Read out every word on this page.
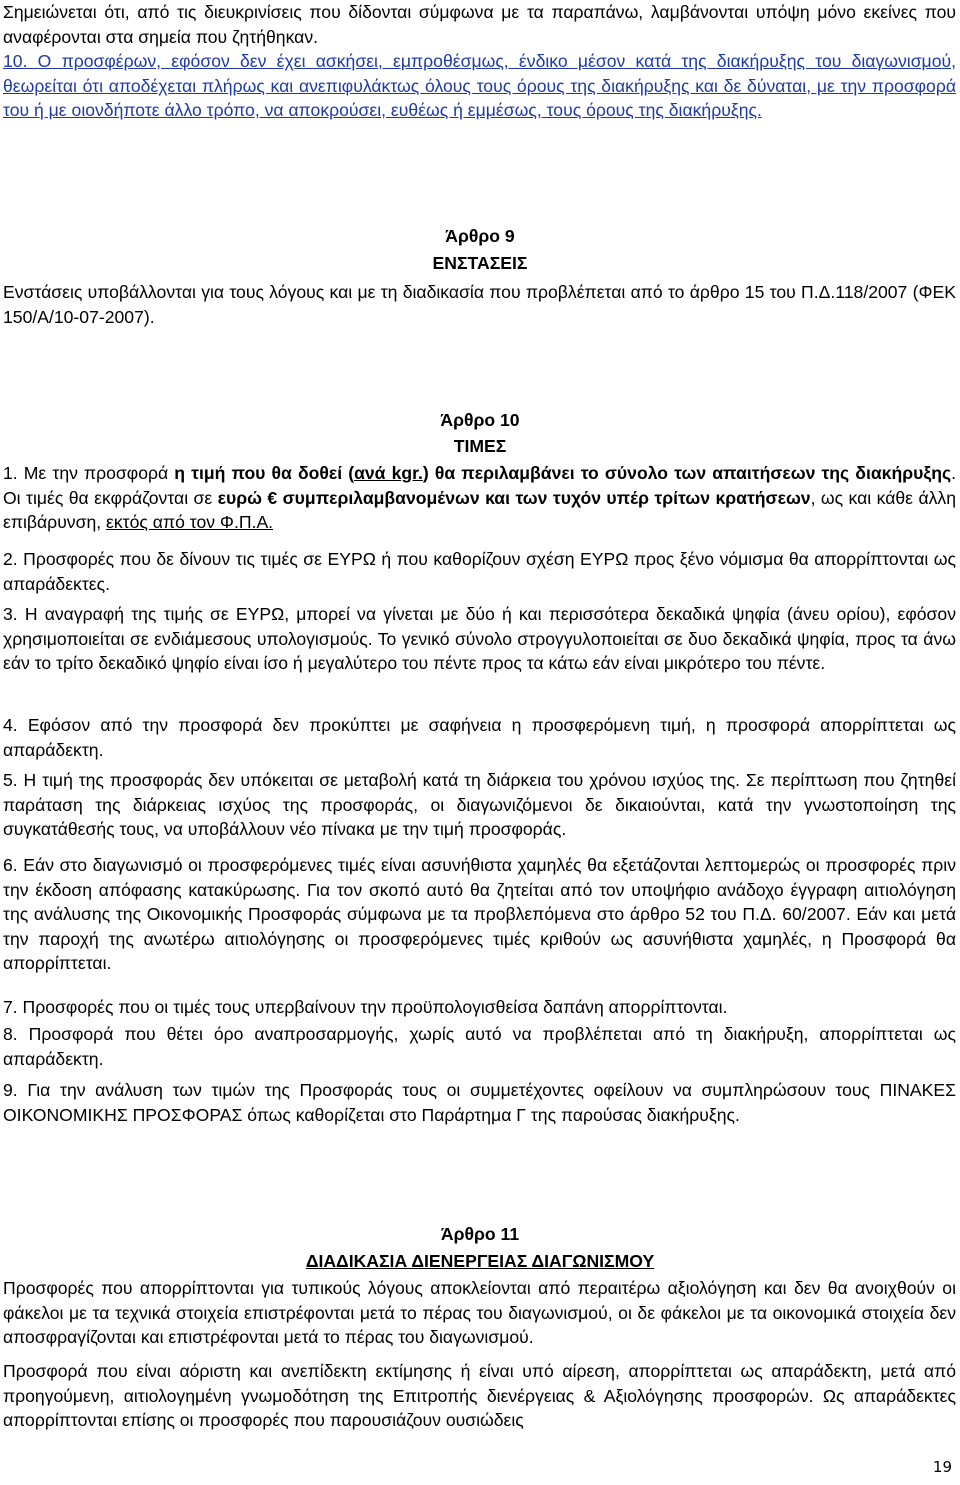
Σημειώνεται ότι, από τις διευκρινίσεις που δίδονται σύμφωνα με τα παραπάνω, λαμβάνονται υπόψη μόνο εκείνες που αναφέρονται στα σημεία που ζητήθηκαν.

10. Ο προσφέρων, εφόσον δεν έχει ασκήσει, εμπροθέσμως, ένδικο μέσον κατά της διακήρυξης του διαγωνισμού, θεωρείται ότι αποδέχεται πλήρως και ανεπιφυλάκτως όλους τους όρους της διακήρυξης και δε δύναται, με την προσφορά του ή με οιονδήποτε άλλο τρόπο, να αποκρούσει, ευθέως ή εμμέσως, τους όρους της διακήρυξης.

Άρθρο 9

ΕΝΣΤΑΣΕΙΣ

Ενστάσεις υποβάλλονται για τους λόγους και με τη διαδικασία που προβλέπεται από το άρθρο 15 του Π.Δ.118/2007 (ΦΕΚ 150/Α/10-07-2007).

Άρθρο 10

ΤΙΜΕΣ

1. Με την προσφορά η τιμή που θα δοθεί (ανά kgr.) θα περιλαμβάνει το σύνολο των απαιτήσεων της διακήρυξης. Οι τιμές θα εκφράζονται σε ευρώ € συμπεριλαμβανομένων και των τυχόν υπέρ τρίτων κρατήσεων, ως και κάθε άλλη επιβάρυνση, εκτός από τον Φ.Π.Α.

2. Προσφορές που δε δίνουν τις τιμές σε ΕΥΡΩ ή που καθορίζουν σχέση ΕΥΡΩ προς ξένο νόμισμα θα απορρίπτονται ως απαράδεκτες.

3. Η αναγραφή της τιμής σε ΕΥΡΩ, μπορεί να γίνεται με δύο ή και περισσότερα δεκαδικά ψηφία (άνευ ορίου), εφόσον χρησιμοποιείται σε ενδιάμεσους υπολογισμούς. Το γενικό σύνολο στρογγυλοποιείται σε δυο δεκαδικά ψηφία, προς τα άνω εάν το τρίτο δεκαδικό ψηφίο είναι ίσο ή μεγαλύτερο του πέντε προς τα κάτω εάν είναι μικρότερο του πέντε.

4. Εφόσον από την προσφορά δεν προκύπτει με σαφήνεια η προσφερόμενη τιμή, η προσφορά απορρίπτεται ως απαράδεκτη.

5. Η τιμή της προσφοράς δεν υπόκειται σε μεταβολή κατά τη διάρκεια του χρόνου ισχύος της. Σε περίπτωση που ζητηθεί παράταση της διάρκειας ισχύος της προσφοράς, οι διαγωνιζόμενοι δε δικαιούνται, κατά την γνωστοποίηση της συγκατάθεσής τους, να υποβάλλουν νέο πίνακα με την τιμή προσφοράς.

6. Εάν στο διαγωνισμό οι προσφερόμενες τιμές είναι ασυνήθιστα χαμηλές θα εξετάζονται λεπτομερώς οι προσφορές πριν την έκδοση απόφασης κατακύρωσης. Για τον σκοπό αυτό θα ζητείται από τον υποψήφιο ανάδοχο έγγραφη αιτιολόγηση της ανάλυσης της Οικονομικής Προσφοράς σύμφωνα με τα προβλεπόμενα στο άρθρο 52 του Π.Δ. 60/2007. Εάν και μετά την παροχή της ανωτέρω αιτιολόγησης οι προσφερόμενες τιμές κριθούν ως ασυνήθιστα χαμηλές, η Προσφορά θα απορρίπτεται.

7. Προσφορές που οι τιμές τους υπερβαίνουν την προϋπολογισθείσα δαπάνη απορρίπτονται.

8. Προσφορά που θέτει όρο αναπροσαρμογής, χωρίς αυτό να προβλέπεται από τη διακήρυξη, απορρίπτεται ως απαράδεκτη.

9. Για την ανάλυση των τιμών της Προσφοράς τους οι συμμετέχοντες οφείλουν να συμπληρώσουν τους ΠΙΝΑΚΕΣ ΟΙΚΟΝΟΜΙΚΗΣ ΠΡΟΣΦΟΡΑΣ όπως καθορίζεται στο Παράρτημα Γ της παρούσας διακήρυξης.

Άρθρο 11

ΔΙΑΔΙΚΑΣΙΑ ΔΙΕΝΕΡΓΕΙΑΣ ΔΙΑΓΩΝΙΣΜΟΥ

Προσφορές που απορρίπτονται για τυπικούς λόγους αποκλείονται από περαιτέρω αξιολόγηση και δεν θα ανοιχθούν οι φάκελοι με τα τεχνικά στοιχεία επιστρέφονται μετά το πέρας του διαγωνισμού, οι δε φάκελοι με τα οικονομικά στοιχεία δεν αποσφραγίζονται και επιστρέφονται μετά το πέρας του διαγωνισμού.

Προσφορά που είναι αόριστη και ανεπίδεκτη εκτίμησης ή είναι υπό αίρεση, απορρίπτεται ως απαράδεκτη, μετά από προηγούμενη, αιτιολογημένη γνωμοδότηση της Επιτροπής διενέργειας & Αξιολόγησης προσφορών. Ως απαράδεκτες απορρίπτονται επίσης οι προσφορές που παρουσιάζουν ουσιώδεις

19
